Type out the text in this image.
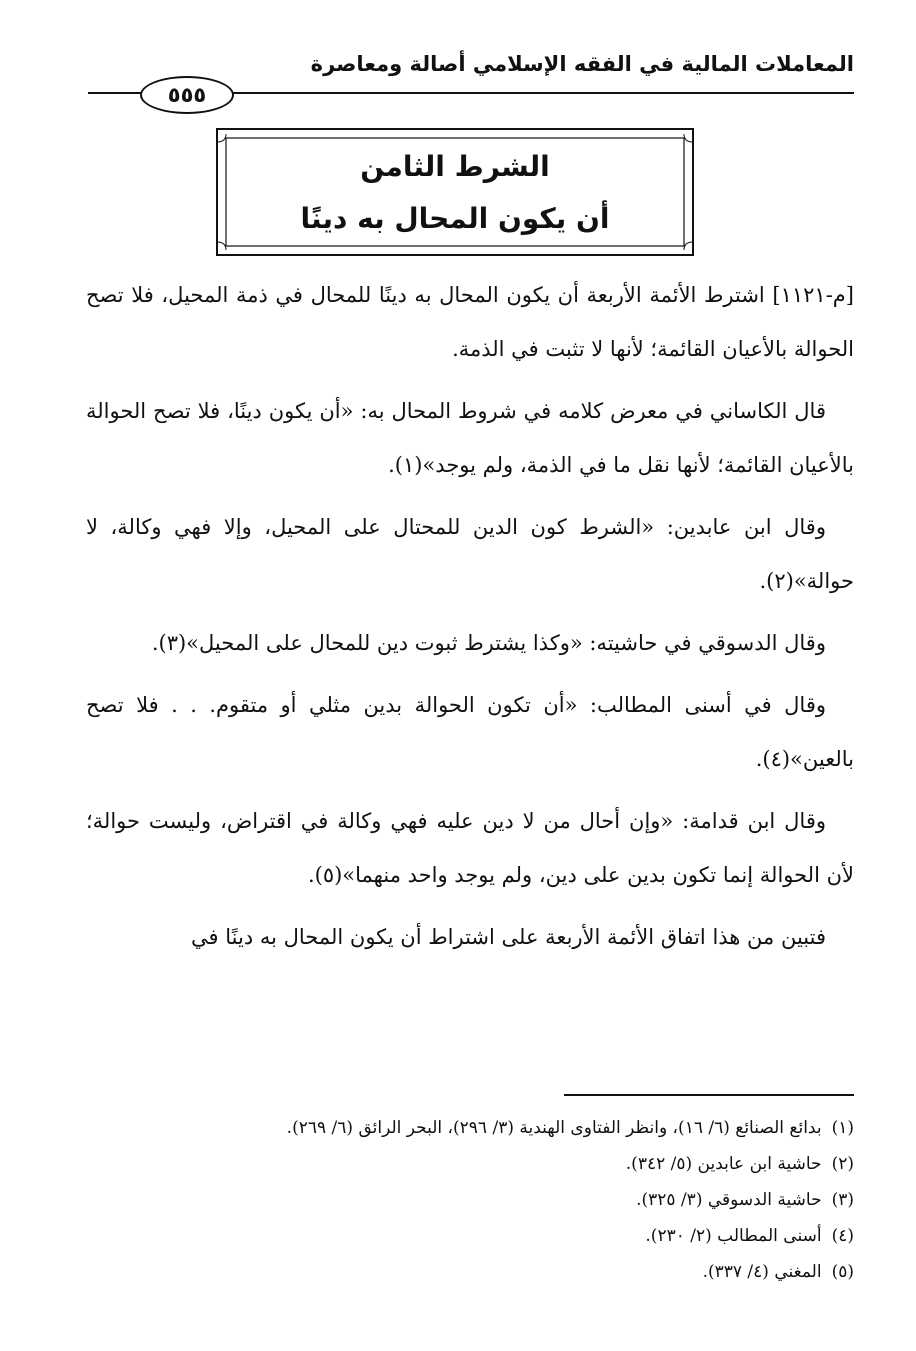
المعاملات المالية في الفقه الإسلامي أصالة ومعاصرة
٥٥٥
الشرط الثامن
أن يكون المحال به دينًا

[م-١١٢١] اشترط الأئمة الأربعة أن يكون المحال به دينًا للمحال في ذمة المحيل، فلا تصح الحوالة بالأعيان القائمة؛ لأنها لا تثبت في الذمة.

قال الكاساني في معرض كلامه في شروط المحال به: «أن يكون دينًا، فلا تصح الحوالة بالأعيان القائمة؛ لأنها نقل ما في الذمة، ولم يوجد»(١).

وقال ابن عابدين: «الشرط كون الدين للمحتال على المحيل، وإلا فهي وكالة، لا حوالة»(٢).

وقال الدسوقي في حاشيته: «وكذا يشترط ثبوت دين للمحال على المحيل»(٣).

وقال في أسنى المطالب: «أن تكون الحوالة بدين مثلي أو متقوم. . . فلا تصح بالعين»(٤).

وقال ابن قدامة: «وإن أحال من لا دين عليه فهي وكالة في اقتراض، وليست حوالة؛ لأن الحوالة إنما تكون بدين على دين، ولم يوجد واحد منهما»(٥).

فتبين من هذا اتفاق الأئمة الأربعة على اشتراط أن يكون المحال به دينًا في

(١)
بدائع الصنائع (٦/ ١٦)، وانظر الفتاوى الهندية (٣/ ٢٩٦)، البحر الرائق (٦/ ٢٦٩).
(٢)
حاشية ابن عابدين (٥/ ٣٤٢).
(٣)
حاشية الدسوقي (٣/ ٣٢٥).
(٤)
أسنى المطالب (٢/ ٢٣٠).
(٥)
المغني (٤/ ٣٣٧).
